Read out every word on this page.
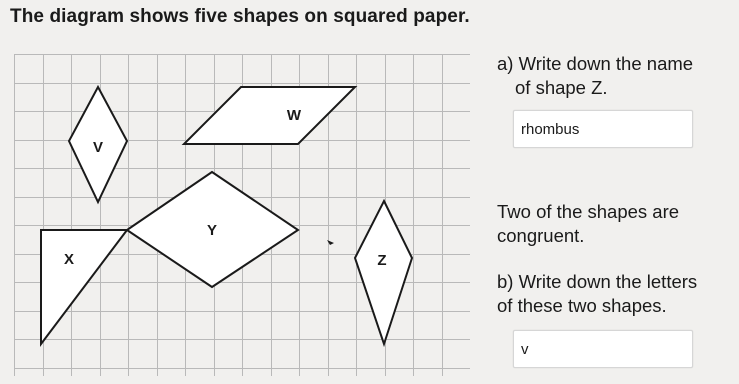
The diagram shows five shapes on squared paper.
V
W
Y
X	Z
a) Write down the name
of shape Z.
rhombus
Two of the shapes are
congruent.
b) Write down the letters
of these two shapes.
v
